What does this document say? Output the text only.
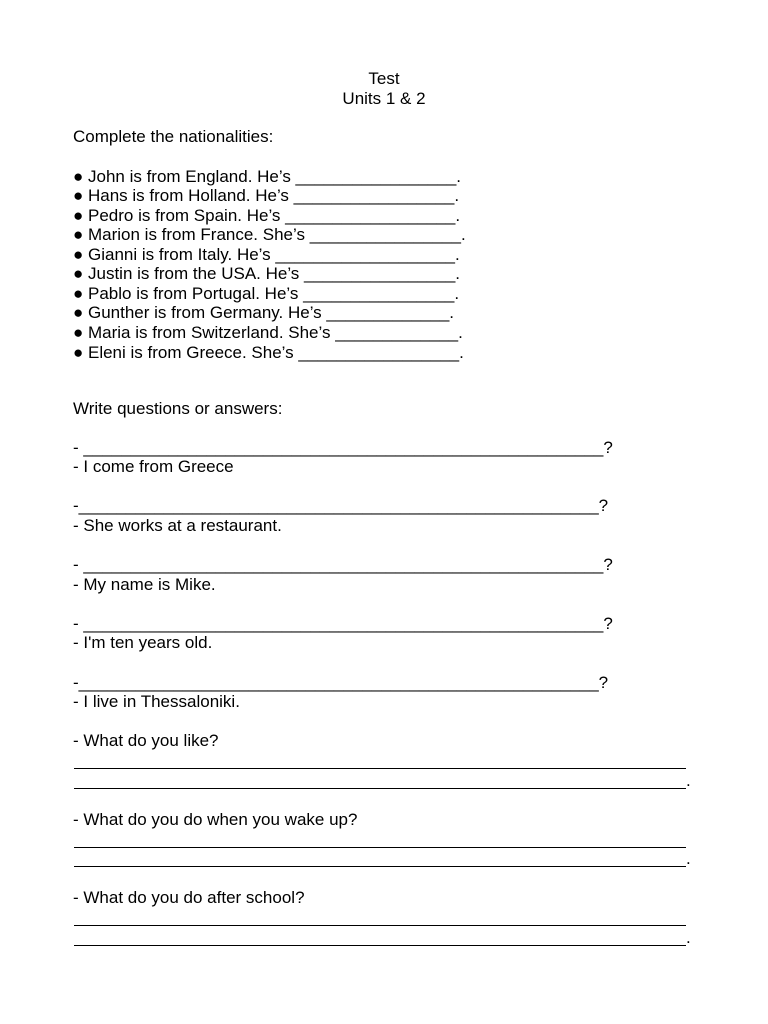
Test
Units 1 & 2
Complete the nationalities:
● John is from England. He’s _________________.
● Hans is from Holland. He’s _________________.
● Pedro is from Spain. He’s __________________.
● Marion is from France. She’s ________________.
● Gianni is from Italy. He’s ___________________.
● Justin is from the USA. He’s ________________.
● Pablo is from Portugal. He’s ________________.
● Gunther is from Germany. He’s _____________.
● Maria is from Switzerland. She’s _____________.
● Eleni is from Greece. She’s _________________.
Write questions or answers:
- _______________________________________________________?
- I come from Greece
-_______________________________________________________?
- She works at a restaurant.
- _______________________________________________________?
- My name is Mike.
- _______________________________________________________?
- I'm ten years old.
-_______________________________________________________?
- I live in Thessaloniki.
- What do you like?
.
- What do you do when you wake up?
.
- What do you do after school?
.
